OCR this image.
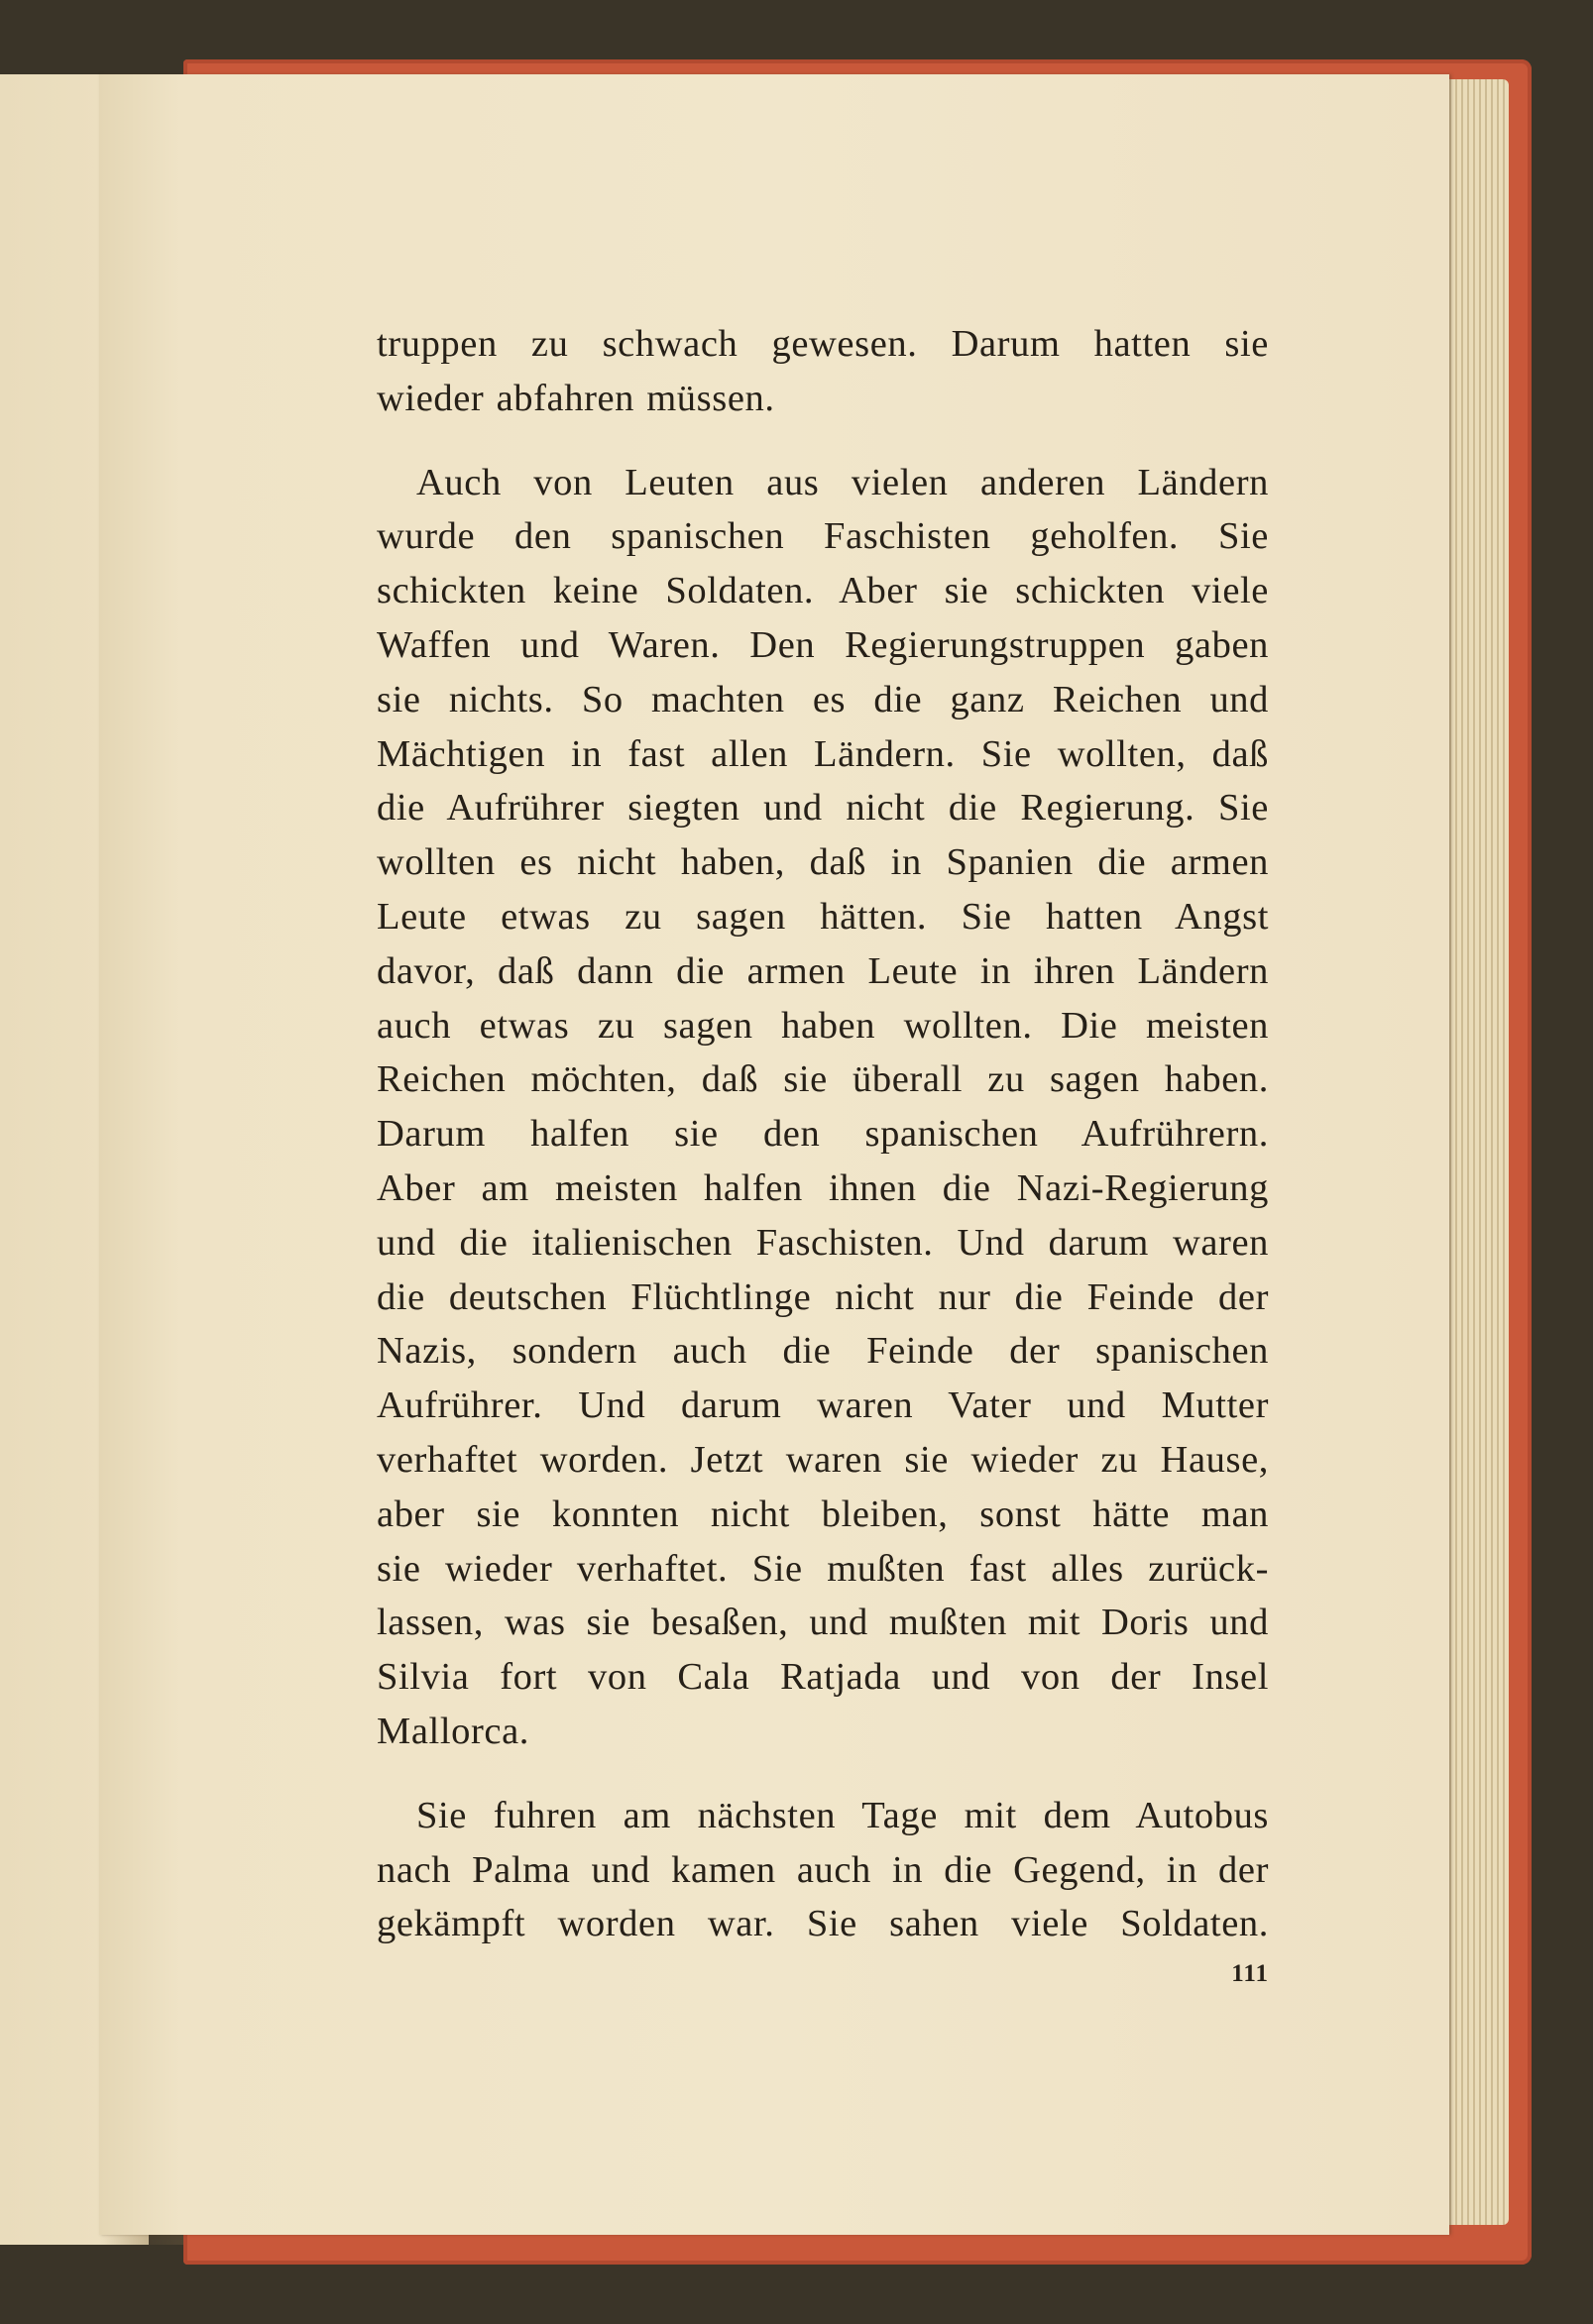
truppen zu schwach gewesen. Darum hatten sie
wieder abfahren müssen.

Auch von Leuten aus vielen anderen Ländern
wurde den spanischen Faschisten geholfen. Sie
schickten keine Soldaten. Aber sie schickten viele
Waffen und Waren. Den Regierungstruppen gaben
sie nichts. So machten es die ganz Reichen und
Mächtigen in fast allen Ländern. Sie wollten, daß
die Aufrührer siegten und nicht die Regierung. Sie
wollten es nicht haben, daß in Spanien die armen
Leute etwas zu sagen hätten. Sie hatten Angst
davor, daß dann die armen Leute in ihren Ländern
auch etwas zu sagen haben wollten. Die meisten
Reichen möchten, daß sie überall zu sagen haben.
Darum halfen sie den spanischen Aufrührern.
Aber am meisten halfen ihnen die Nazi-Regierung
und die italienischen Faschisten. Und darum waren
die deutschen Flüchtlinge nicht nur die Feinde der
Nazis, sondern auch die Feinde der spanischen
Aufrührer. Und darum waren Vater und Mutter
verhaftet worden. Jetzt waren sie wieder zu Hause,
aber sie konnten nicht bleiben, sonst hätte man
sie wieder verhaftet. Sie mußten fast alles zurück-
lassen, was sie besaßen, und mußten mit Doris und
Silvia fort von Cala Ratjada und von der Insel
Mallorca.

Sie fuhren am nächsten Tage mit dem Autobus
nach Palma und kamen auch in die Gegend, in der
gekämpft worden war. Sie sahen viele Soldaten.

111
